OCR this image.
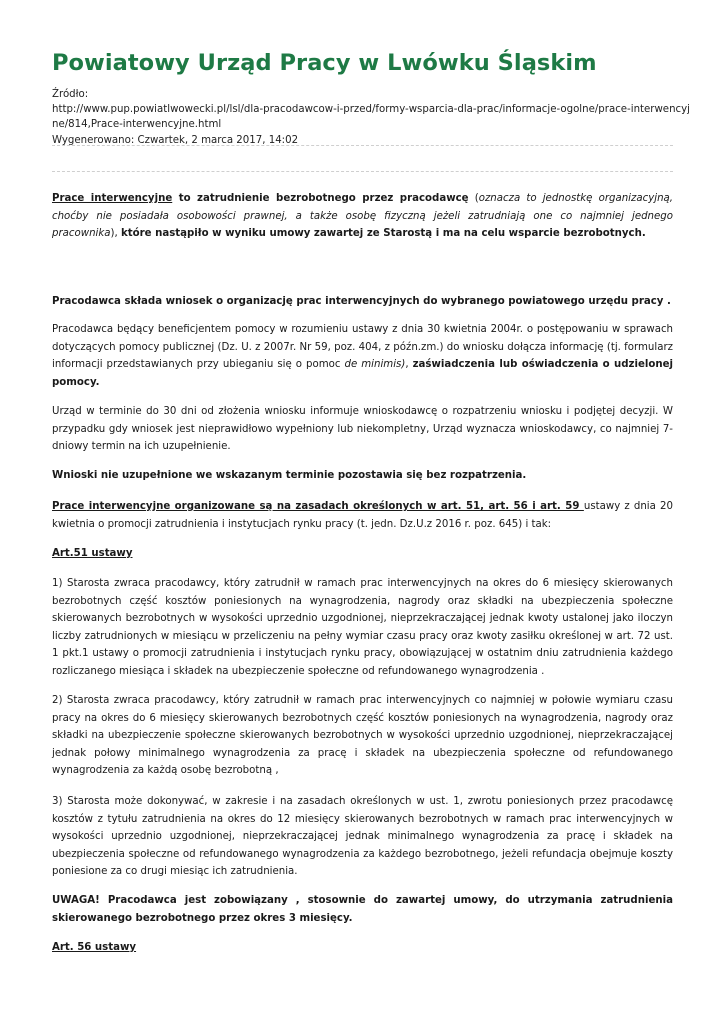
Powiatowy Urząd Pracy w Lwówku Śląskim
Źródło:
http://www.pup.powiatlwowecki.pl/lsl/dla-pracodawcow-i-przed/formy-wsparcia-dla-prac/informacje-ogolne/prace-interwencyj
ne/814,Prace-interwencyjne.html
Wygenerowano: Czwartek, 2 marca 2017, 14:02

Prace interwencyjne to zatrudnienie bezrobotnego przez pracodawcę (oznacza to jednostkę organizacyjną, choćby nie posiadała osobowości prawnej, a także osobę fizyczną jeżeli zatrudniają one co najmniej jednego pracownika), które nastąpiło w wyniku umowy zawartej ze Starostą i ma na celu wsparcie bezrobotnych.

Pracodawca składa wniosek o organizację prac interwencyjnych do wybranego powiatowego urzędu pracy .

Pracodawca będący beneficjentem pomocy w rozumieniu ustawy z dnia 30 kwietnia 2004r. o postępowaniu w sprawach dotyczących pomocy publicznej (Dz. U. z 2007r. Nr 59, poz. 404, z późn.zm.) do wniosku dołącza informację (tj. formularz informacji przedstawianych przy ubieganiu się o pomoc de minimis), zaświadczenia lub oświadczenia o udzielonej pomocy.

Urząd w terminie do 30 dni od złożenia wniosku informuje wnioskodawcę o rozpatrzeniu wniosku i podjętej decyzji. W przypadku gdy wniosek jest nieprawidłowo wypełniony lub niekompletny, Urząd wyznacza wnioskodawcy, co najmniej 7-dniowy termin na ich uzupełnienie.

Wnioski nie uzupełnione we wskazanym terminie pozostawia się bez rozpatrzenia.

Prace interwencyjne organizowane są na zasadach określonych w art. 51, art. 56 i art. 59 ustawy z dnia 20 kwietnia o promocji zatrudnienia i instytucjach rynku pracy (t. jedn. Dz.U.z 2016 r. poz. 645) i tak:

Art.51 ustawy

1) Starosta zwraca pracodawcy, który zatrudnił w ramach prac interwencyjnych na okres do 6 miesięcy skierowanych bezrobotnych część kosztów poniesionych na wynagrodzenia, nagrody oraz składki na ubezpieczenia społeczne skierowanych bezrobotnych w wysokości uprzednio uzgodnionej, nieprzekraczającej jednak kwoty ustalonej jako iloczyn liczby zatrudnionych w miesiącu w przeliczeniu na pełny wymiar czasu pracy oraz kwoty zasiłku określonej w art. 72 ust. 1 pkt.1 ustawy o promocji zatrudnienia i instytucjach rynku pracy, obowiązującej w ostatnim dniu zatrudnienia każdego rozliczanego miesiąca i składek na ubezpieczenie społeczne od refundowanego wynagrodzenia .

2) Starosta zwraca pracodawcy, który zatrudnił w ramach prac interwencyjnych co najmniej w połowie wymiaru czasu pracy na okres do 6 miesięcy skierowanych bezrobotnych część kosztów poniesionych na wynagrodzenia, nagrody oraz składki na ubezpieczenie społeczne skierowanych bezrobotnych w wysokości uprzednio uzgodnionej, nieprzekraczającej jednak połowy minimalnego wynagrodzenia za pracę i składek na ubezpieczenia społeczne od refundowanego wynagrodzenia za każdą osobę bezrobotną ,

3) Starosta może dokonywać, w zakresie i na zasadach określonych w ust. 1, zwrotu poniesionych przez pracodawcę kosztów z tytułu zatrudnienia na okres do 12 miesięcy skierowanych bezrobotnych w ramach prac interwencyjnych w wysokości uprzednio uzgodnionej, nieprzekraczającej jednak minimalnego wynagrodzenia za pracę i składek na ubezpieczenia społeczne od refundowanego wynagrodzenia za każdego bezrobotnego, jeżeli refundacja obejmuje koszty poniesione za co drugi miesiąc ich zatrudnienia.

UWAGA! Pracodawca jest zobowiązany , stosownie do zawartej umowy, do utrzymania zatrudnienia skierowanego bezrobotnego przez okres 3 miesięcy.

Art. 56 ustawy
